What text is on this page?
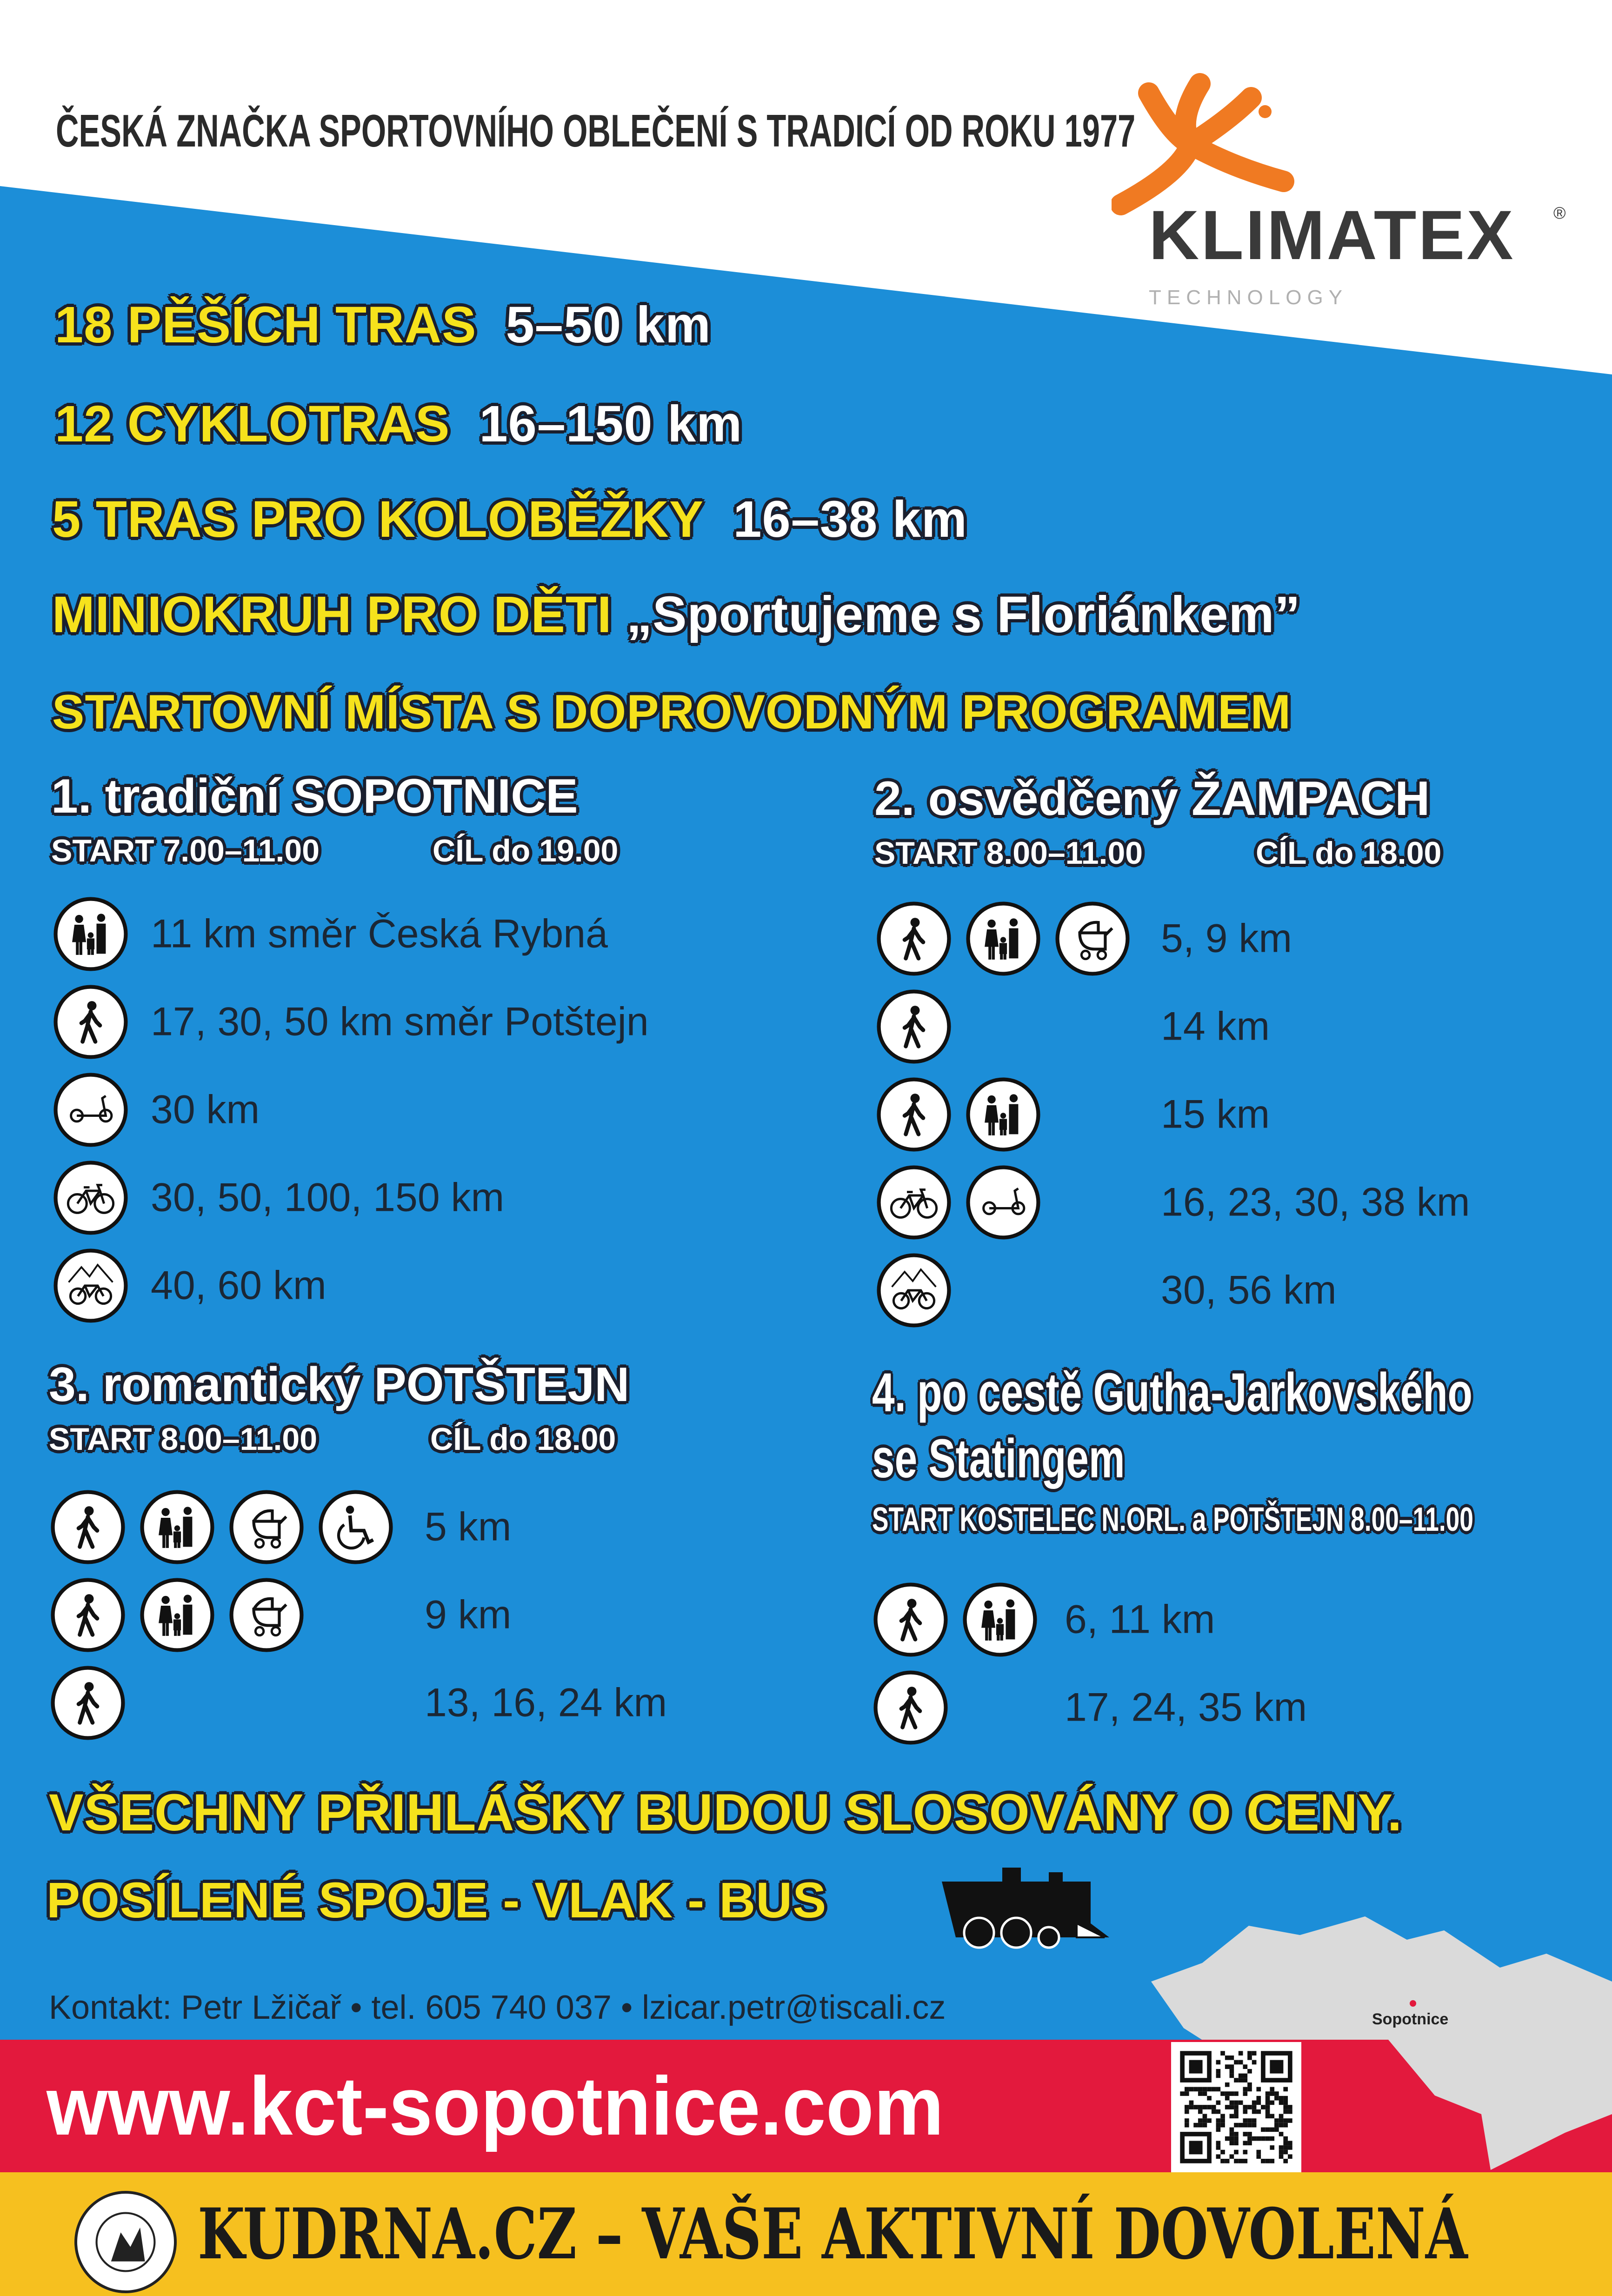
ČESKÁ ZNAČKA SPORTOVNÍHO OBLEČENÍ S TRADICÍ OD ROKU 1977
KLIMATEX ®
TECHNOLOGY
18 PĚŠÍCH TRAS 5–50 km
12 CYKLOTRAS 16–150 km
5 TRAS PRO KOLOBĚŽKY 16–38 km
MINIOKRUH PRO DĚTI „Sportujeme s Floriánkem”
STARTOVNÍ MÍSTA S DOPROVODNÝM PROGRAMEM
1. tradiční SOPOTNICE
START 7.00–11.00	CÍL do 19.00
11 km směr Česká Rybná
17, 30, 50 km směr Potštejn
30 km
30, 50, 100, 150 km
40, 60 km
2. osvědčený ŽAMPACH
START 8.00–11.00	CÍL do 18.00
5, 9 km
14 km
15 km
16, 23, 30, 38 km
30, 56 km
3. romantický POTŠTEJN
START 8.00–11.00	CÍL do 18.00
5 km
9 km
13, 16, 24 km
4. po cestě Gutha-Jarkovského
se Statingem
START KOSTELEC N.ORL. a POTŠTEJN 8.00–11.00
6, 11 km
17, 24, 35 km
VŠECHNY PŘIHLÁŠKY BUDOU SLOSOVÁNY O CENY.
POSÍLENÉ SPOJE - VLAK - BUS
Sopotnice
Kontakt: Petr Lžičař • tel. 605 740 037 • lzicar.petr@tiscali.cz
www.kct-sopotnice.com
KUDRNA.CZ – VAŠE AKTIVNÍ DOVOLENÁ
